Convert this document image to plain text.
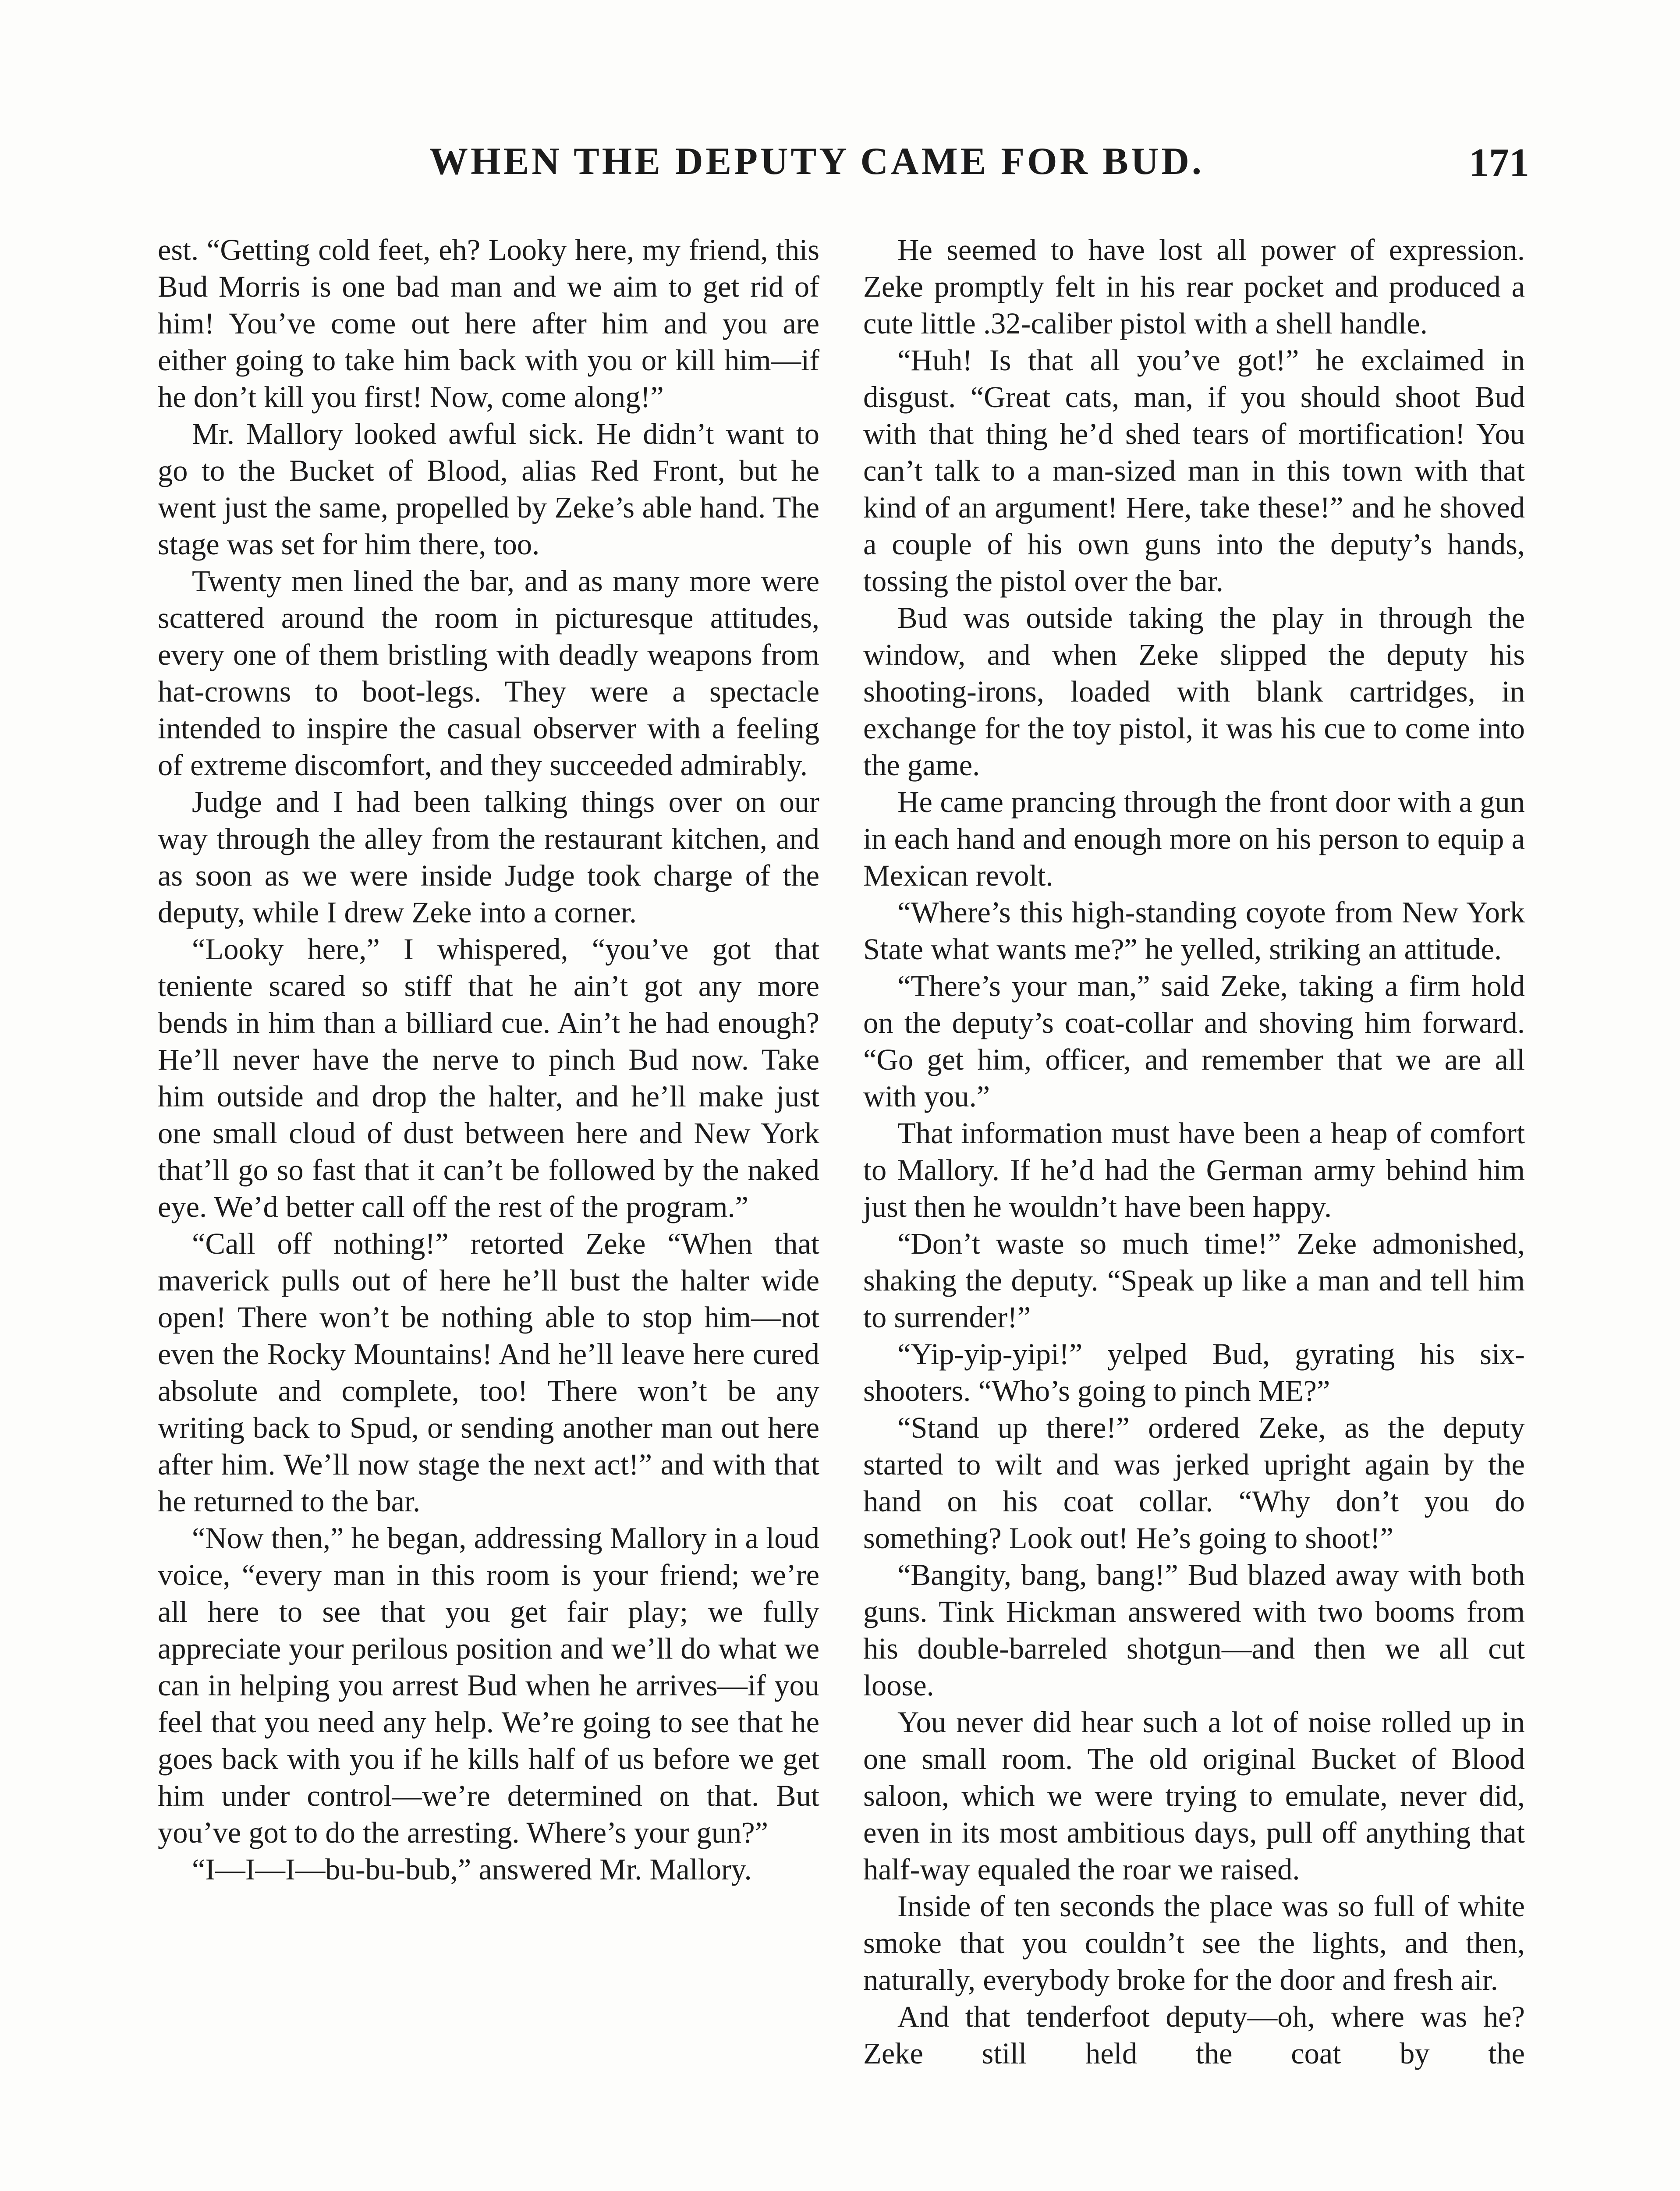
WHEN THE DEPUTY CAME FOR BUD.	171

est. “Getting cold feet, eh? Looky here, my friend, this Bud Morris is one bad man and we aim to get rid of him! You’ve come out here after him and you are either going to take him back with you or kill him—if he don’t kill you first! Now, come along!”

Mr. Mallory looked awful sick. He didn’t want to go to the Bucket of Blood, alias Red Front, but he went just the same, propelled by Zeke’s able hand. The stage was set for him there, too.

Twenty men lined the bar, and as many more were scattered around the room in picturesque attitudes, every one of them bristling with deadly weapons from hat-crowns to boot-legs. They were a spectacle intended to inspire the casual observer with a feeling of extreme discomfort, and they succeeded admirably.

Judge and I had been talking things over on our way through the alley from the restaurant kitchen, and as soon as we were inside Judge took charge of the deputy, while I drew Zeke into a corner.

“Looky here,” I whispered, “you’ve got that teniente scared so stiff that he ain’t got any more bends in him than a billiard cue. Ain’t he had enough? He’ll never have the nerve to pinch Bud now. Take him outside and drop the halter, and he’ll make just one small cloud of dust between here and New York that’ll go so fast that it can’t be followed by the naked eye. We’d better call off the rest of the program.”

“Call off nothing!” retorted Zeke “When that maverick pulls out of here he’ll bust the halter wide open! There won’t be nothing able to stop him—not even the Rocky Mountains! And he’ll leave here cured absolute and complete, too! There won’t be any writing back to Spud, or sending another man out here after him. We’ll now stage the next act!” and with that he returned to the bar.

“Now then,” he began, addressing Mallory in a loud voice, “every man in this room is your friend; we’re all here to see that you get fair play; we fully appreciate your perilous position and we’ll do what we can in helping you arrest Bud when he arrives—if you feel that you need any help. We’re going to see that he goes back with you if he kills half of us before we get him under control—we’re determined on that. But you’ve got to do the arresting. Where’s your gun?”

“I—I—I—bu-bu-bub,” answered Mr. Mallory.

He seemed to have lost all power of expression. Zeke promptly felt in his rear pocket and produced a cute little .32-caliber pistol with a shell handle.

“Huh! Is that all you’ve got!” he exclaimed in disgust. “Great cats, man, if you should shoot Bud with that thing he’d shed tears of mortification! You can’t talk to a man-sized man in this town with that kind of an argument! Here, take these!” and he shoved a couple of his own guns into the deputy’s hands, tossing the pistol over the bar.

Bud was outside taking the play in through the window, and when Zeke slipped the deputy his shooting-irons, loaded with blank cartridges, in exchange for the toy pistol, it was his cue to come into the game.

He came prancing through the front door with a gun in each hand and enough more on his person to equip a Mexican revolt.

“Where’s this high-standing coyote from New York State what wants me?” he yelled, striking an attitude.

“There’s your man,” said Zeke, taking a firm hold on the deputy’s coat-collar and shoving him forward. “Go get him, officer, and remember that we are all with you.”

That information must have been a heap of comfort to Mallory. If he’d had the German army behind him just then he wouldn’t have been happy.

“Don’t waste so much time!” Zeke admonished, shaking the deputy. “Speak up like a man and tell him to surrender!”

“Yip-yip-yipi!” yelped Bud, gyrating his six-shooters. “Who’s going to pinch ME?”

“Stand up there!” ordered Zeke, as the deputy started to wilt and was jerked upright again by the hand on his coat collar. “Why don’t you do something? Look out! He’s going to shoot!”

“Bangity, bang, bang!” Bud blazed away with both guns. Tink Hickman answered with two booms from his double-barreled shotgun—and then we all cut loose.

You never did hear such a lot of noise rolled up in one small room. The old original Bucket of Blood saloon, which we were trying to emulate, never did, even in its most ambitious days, pull off anything that half-way equaled the roar we raised.

Inside of ten seconds the place was so full of white smoke that you couldn’t see the lights, and then, naturally, everybody broke for the door and fresh air.

And that tenderfoot deputy—oh, where was he? Zeke still held the coat by the
